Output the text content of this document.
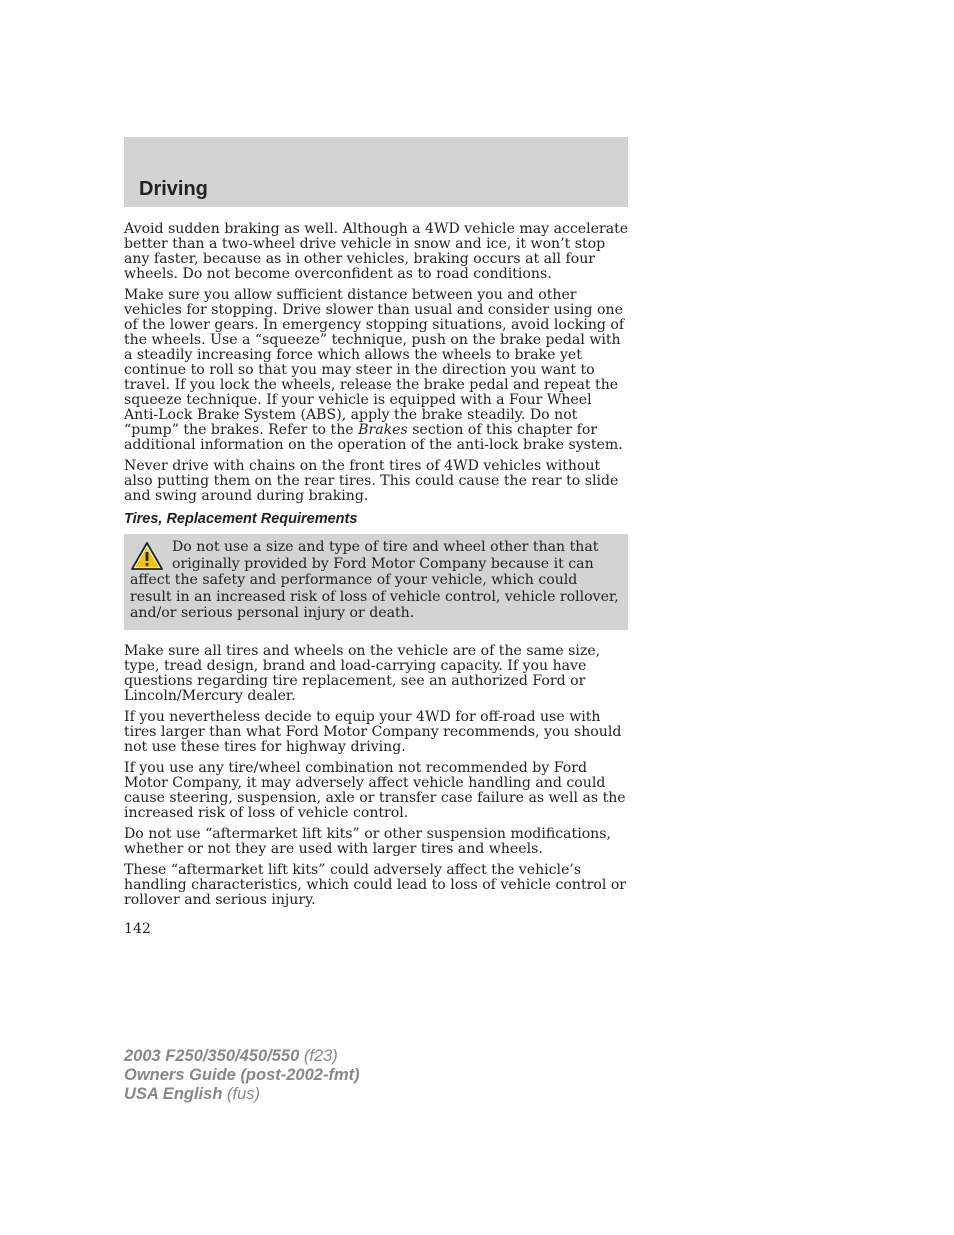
Driving

Avoid sudden braking as well. Although a 4WD vehicle may accelerate better than a two-wheel drive vehicle in snow and ice, it won’t stop any faster, because as in other vehicles, braking occurs at all four wheels. Do not become overconfident as to road conditions.

Make sure you allow sufficient distance between you and other vehicles for stopping. Drive slower than usual and consider using one of the lower gears. In emergency stopping situations, avoid locking of the wheels. Use a “squeeze” technique, push on the brake pedal with a steadily increasing force which allows the wheels to brake yet continue to roll so that you may steer in the direction you want to travel. If you lock the wheels, release the brake pedal and repeat the squeeze technique. If your vehicle is equipped with a Four Wheel Anti-Lock Brake System (ABS), apply the brake steadily. Do not “pump” the brakes. Refer to the Brakes section of this chapter for additional information on the operation of the anti-lock brake system.

Never drive with chains on the front tires of 4WD vehicles without also putting them on the rear tires. This could cause the rear to slide and swing around during braking.

Tires, Replacement Requirements
Do not use a size and type of tire and wheel other than that originally provided by Ford Motor Company because it can affect the safety and performance of your vehicle, which could result in an increased risk of loss of vehicle control, vehicle rollover, and/or serious personal injury or death.

Make sure all tires and wheels on the vehicle are of the same size, type, tread design, brand and load-carrying capacity. If you have questions regarding tire replacement, see an authorized Ford or Lincoln/Mercury dealer.

If you nevertheless decide to equip your 4WD for off-road use with tires larger than what Ford Motor Company recommends, you should not use these tires for highway driving.

If you use any tire/wheel combination not recommended by Ford Motor Company, it may adversely affect vehicle handling and could cause steering, suspension, axle or transfer case failure as well as the increased risk of loss of vehicle control.

Do not use “aftermarket lift kits” or other suspension modifications, whether or not they are used with larger tires and wheels.

These “aftermarket lift kits” could adversely affect the vehicle’s handling characteristics, which could lead to loss of vehicle control or rollover and serious injury.

142
2003 F250/350/450/550 (f23)
Owners Guide (post-2002-fmt)
USA English (fus)
